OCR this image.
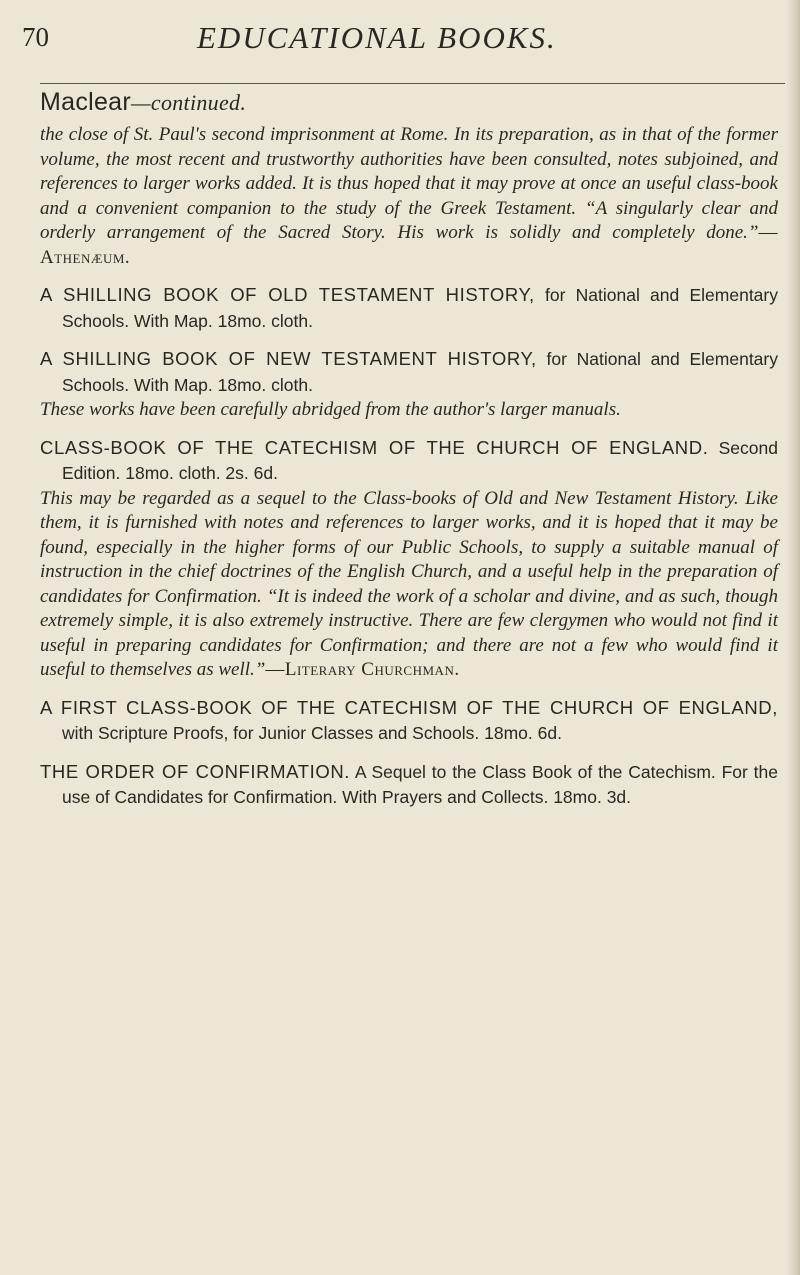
70	EDUCATIONAL BOOKS.

Maclear—continued.

the close of St. Paul's second imprisonment at Rome. In its preparation, as in that of the former volume, the most recent and trustworthy authorities have been consulted, notes subjoined, and references to larger works added. It is thus hoped that it may prove at once an useful class-book and a convenient companion to the study of the Greek Testament. “A singularly clear and orderly arrangement of the Sacred Story. His work is solidly and completely done.”—Athenæum.

A SHILLING BOOK OF OLD TESTAMENT HISTORY, for National and Elementary Schools. With Map. 18mo. cloth.

A SHILLING BOOK OF NEW TESTAMENT HISTORY, for National and Elementary Schools. With Map. 18mo. cloth.

These works have been carefully abridged from the author's larger manuals.

CLASS-BOOK OF THE CATECHISM OF THE CHURCH OF ENGLAND. Second Edition. 18mo. cloth. 2s. 6d.

This may be regarded as a sequel to the Class-books of Old and New Testament History. Like them, it is furnished with notes and references to larger works, and it is hoped that it may be found, especially in the higher forms of our Public Schools, to supply a suitable manual of instruction in the chief doctrines of the English Church, and a useful help in the preparation of candidates for Confirmation. “It is indeed the work of a scholar and divine, and as such, though extremely simple, it is also extremely instructive. There are few clergymen who would not find it useful in preparing candidates for Confirmation; and there are not a few who would find it useful to themselves as well.”—Literary Churchman.

A FIRST CLASS-BOOK OF THE CATECHISM OF THE CHURCH OF ENGLAND, with Scripture Proofs, for Junior Classes and Schools. 18mo. 6d.

THE ORDER OF CONFIRMATION. A Sequel to the Class Book of the Catechism. For the use of Candidates for Confirmation. With Prayers and Collects. 18mo. 3d.
